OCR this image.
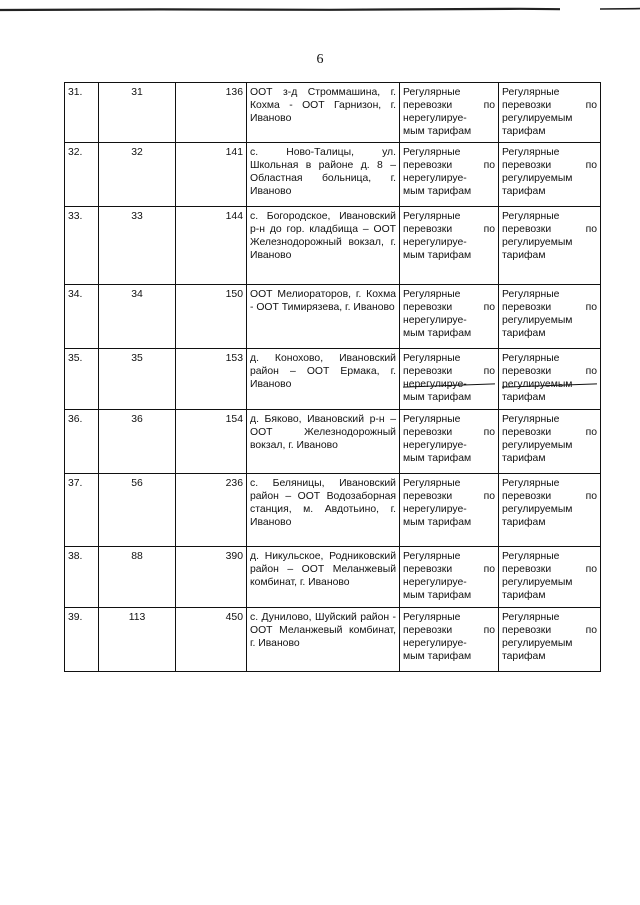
6
31.	31	136	ООТ з-д Строммашина, г. Кохма - ООТ Гарнизон, г. Иваново	Регулярные
перевозки по
нерегулируе-
мым тарифам	Регулярные
перевозки по
регулируемым
тарифам

32.	32	141	с. Ново-Талицы, ул. Школьная в районе д. 8 – Областная больница, г. Иваново	Регулярные
перевозки по
нерегулируе-
мым тарифам	Регулярные
перевозки по
регулируемым
тарифам

33.	33	144	с. Богородское, Ивановский р-н до гор. кладбища – ООТ Железнодорожный вокзал, г. Иваново	Регулярные
перевозки по
нерегулируе-
мым тарифам	Регулярные
перевозки по
регулируемым
тарифам

34.	34	150	ООТ Мелиораторов, г. Кохма - ООТ Тимирязева, г. Иваново	Регулярные
перевозки по
нерегулируе-
мым тарифам	Регулярные
перевозки по
регулируемым
тарифам

35.	35	153	д. Конохово, Ивановский район – ООТ Ермака, г. Иваново	Регулярные
перевозки по
нерегулируе-
мым тарифам	Регулярные
перевозки по
регулируемым
тарифам

36.	36	154	д. Бяково, Ивановский р-н – ООТ Железнодорожный вокзал, г. Иваново	Регулярные
перевозки по
нерегулируе-
мым тарифам	Регулярные
перевозки по
регулируемым
тарифам

37.	56	236	с. Беляницы, Ивановский район – ООТ Водозаборная станция, м. Авдотьино, г. Иваново	Регулярные
перевозки по
нерегулируе-
мым тарифам	Регулярные
перевозки по
регулируемым
тарифам

38.	88	390	д. Никульское, Родниковский район – ООТ Меланжевый комбинат, г. Иваново	Регулярные
перевозки по
нерегулируе-
мым тарифам	Регулярные
перевозки по
регулируемым
тарифам

39.	113	450	с. Дунилово, Шуйский район - ООТ Меланжевый комбинат, г. Иваново	Регулярные
перевозки по
нерегулируе-
мым тарифам	Регулярные
перевозки по
регулируемым
тарифам
